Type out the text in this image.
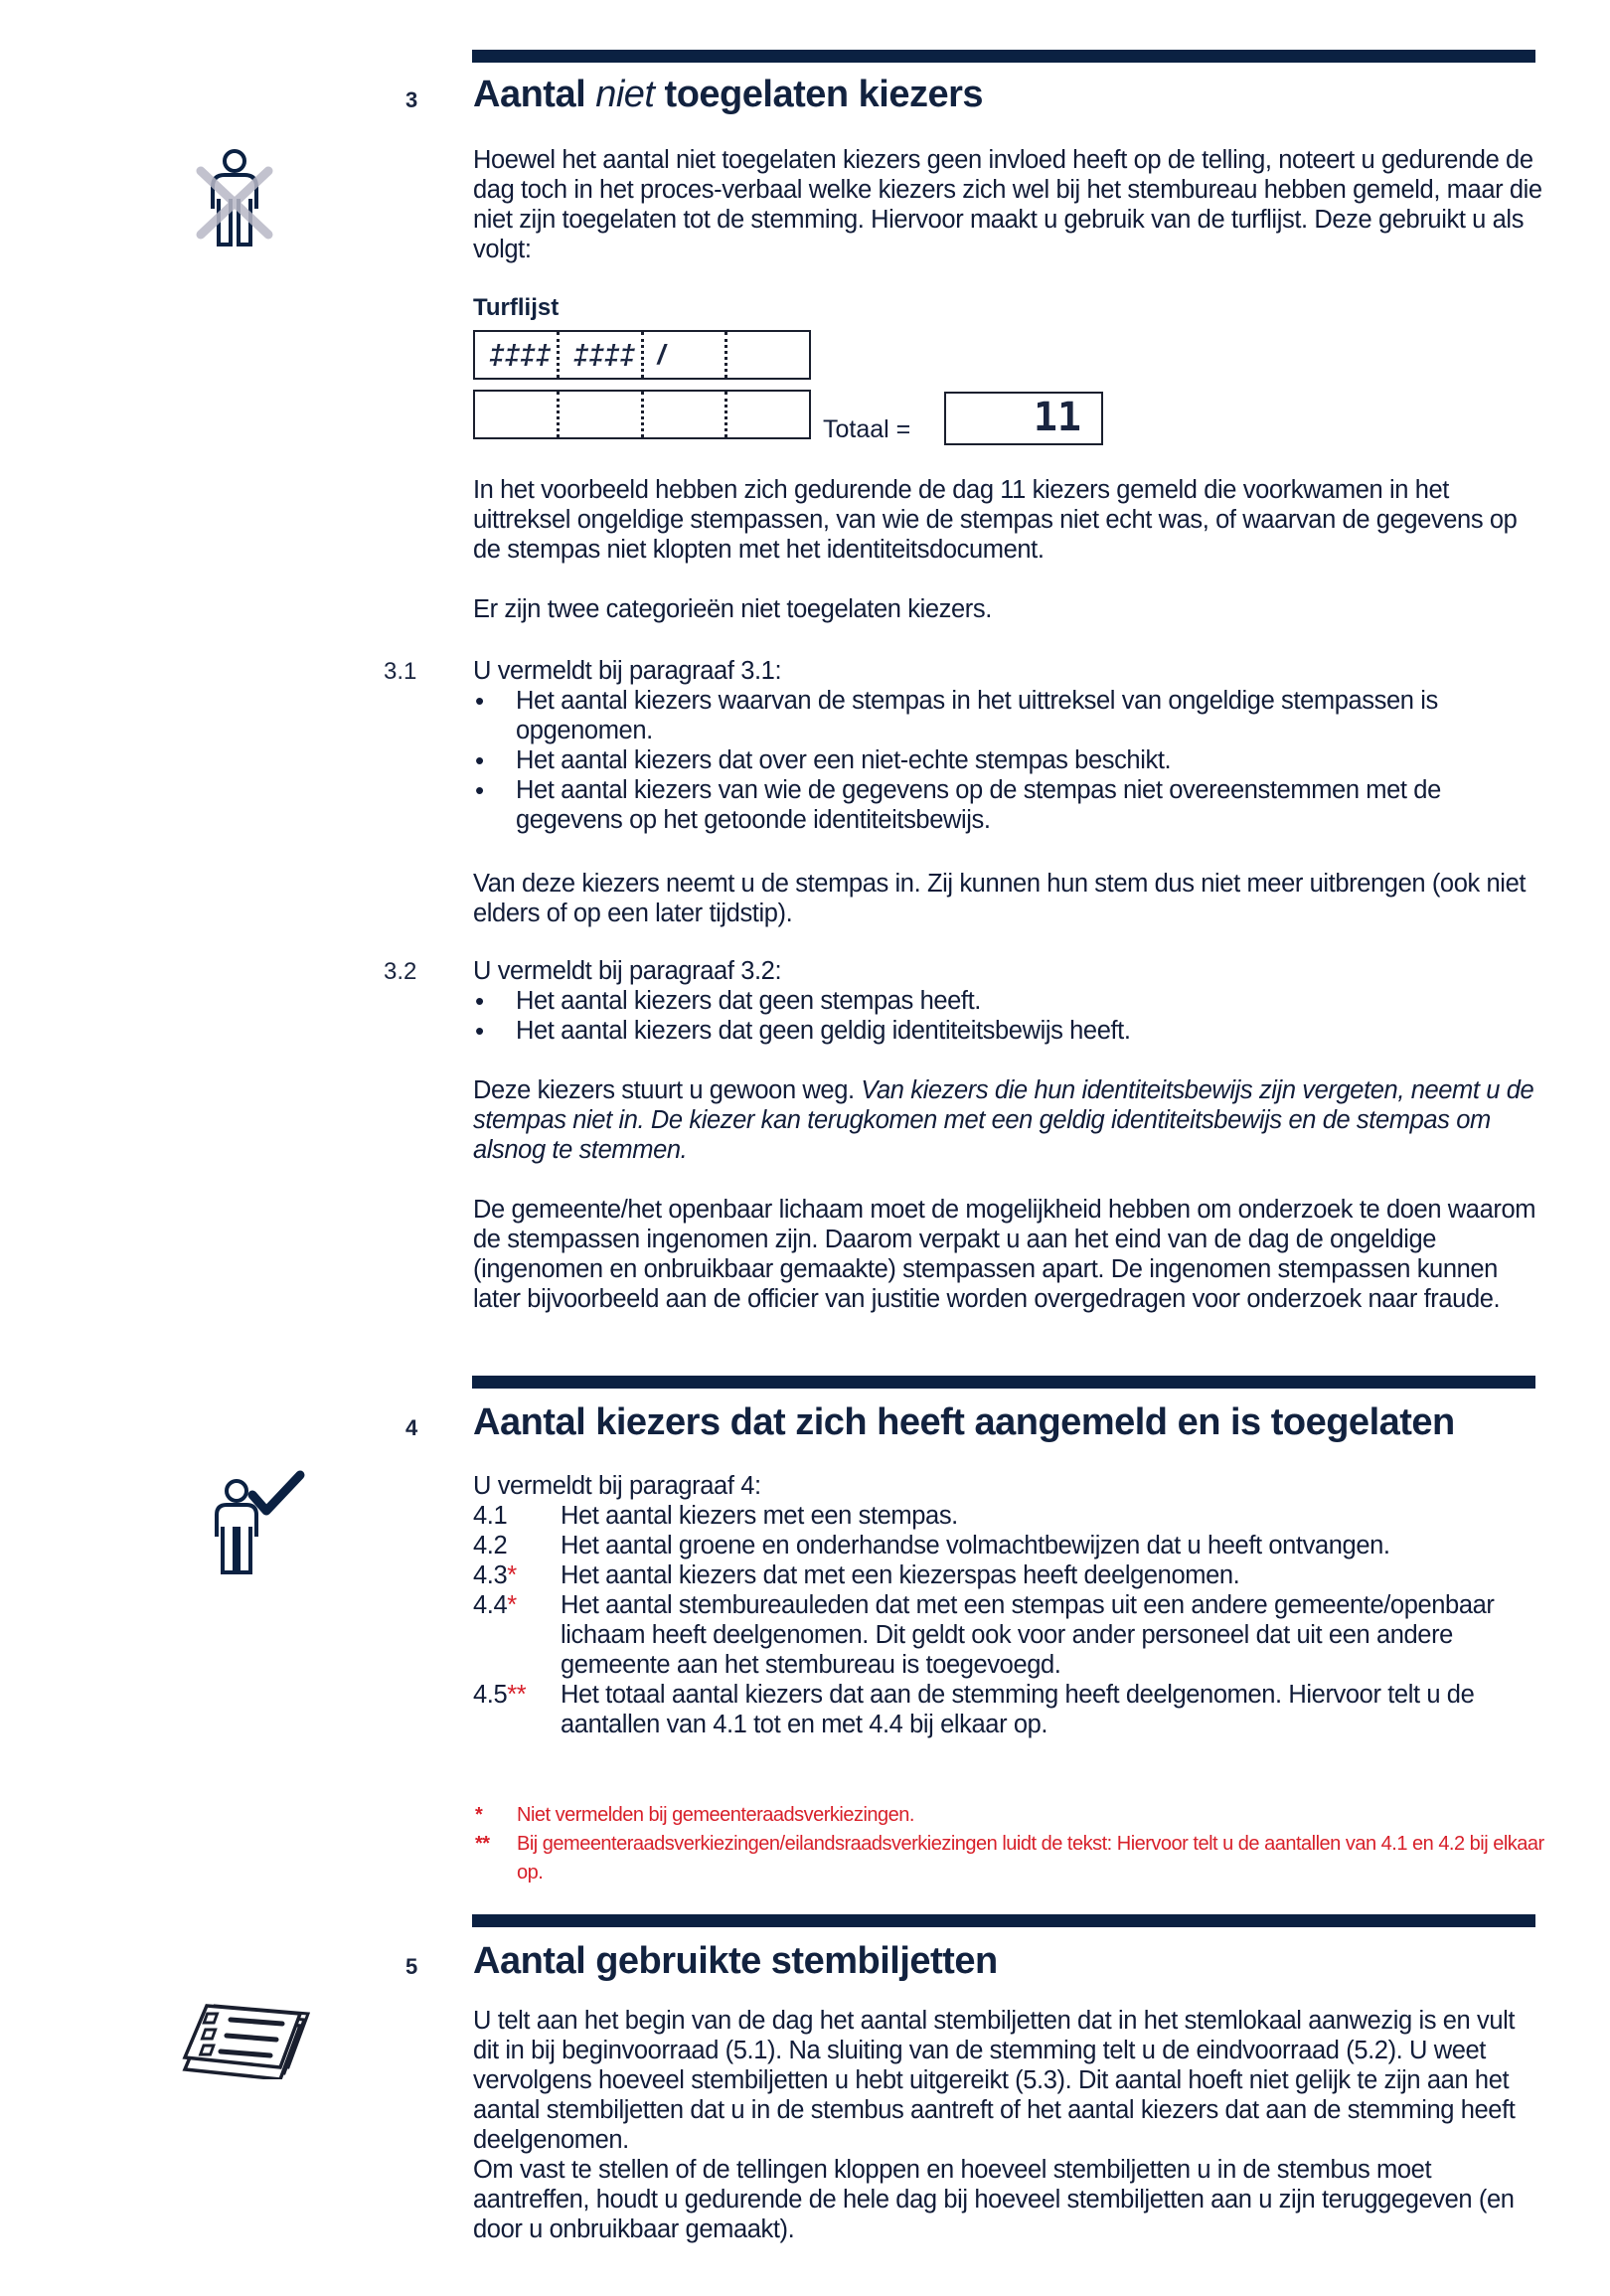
3 Aantal niet toegelaten kiezers
Hoewel het aantal niet toegelaten kiezers geen invloed heeft op de telling, noteert u gedurende de dag toch in het proces-verbaal welke kiezers zich wel bij het stembureau hebben gemeld, maar die niet zijn toegelaten tot de stemming. Hiervoor maakt u gebruik van de turflijst. Deze gebruikt u als volgt:
Turflijst
‡‡‡‡ ‡‡‡‡ /
Totaal =	11
In het voorbeeld hebben zich gedurende de dag 11 kiezers gemeld die voorkwamen in het uittreksel ongeldige stempassen, van wie de stempas niet echt was, of waarvan de gegevens op de stempas niet klopten met het identiteitsdocument.
Er zijn twee categorieën niet toegelaten kiezers.
3.1 U vermeldt bij paragraaf 3.1:

• Het aantal kiezers waarvan de stempas in het uittreksel van ongeldige stempassen is opgenomen.
• Het aantal kiezers dat over een niet-echte stempas beschikt.
• Het aantal kiezers van wie de gegevens op de stempas niet overeenstemmen met de gegevens op het getoonde identiteitsbewijs.
Van deze kiezers neemt u de stempas in. Zij kunnen hun stem dus niet meer uitbrengen (ook niet elders of op een later tijdstip).
3.2 U vermeldt bij paragraaf 3.2:

• Het aantal kiezers dat geen stempas heeft.
• Het aantal kiezers dat geen geldig identiteitsbewijs heeft.
Deze kiezers stuurt u gewoon weg. Van kiezers die hun identiteitsbewijs zijn vergeten, neemt u de stempas niet in. De kiezer kan terugkomen met een geldig identiteitsbewijs en de stempas om alsnog te stemmen.
De gemeente/het openbaar lichaam moet de mogelijkheid hebben om onderzoek te doen waarom de stempassen ingenomen zijn. Daarom verpakt u aan het eind van de dag de ongeldige (ingenomen en onbruikbaar gemaakte) stempassen apart. De ingenomen stempassen kunnen later bijvoorbeeld aan de officier van justitie worden overgedragen voor onderzoek naar fraude.
4 Aantal kiezers dat zich heeft aangemeld en is toegelaten

U vermeldt bij paragraaf 4:

4.1 Het aantal kiezers met een stempas.
4.2 Het aantal groene en onderhandse volmachtbewijzen dat u heeft ontvangen.
4.3* Het aantal kiezers dat met een kiezerspas heeft deelgenomen.
4.4* Het aantal stembureauleden dat met een stempas uit een andere gemeente/openbaar lichaam heeft deelgenomen. Dit geldt ook voor ander personeel dat uit een andere gemeente aan het stembureau is toegevoegd.
4.5** Het totaal aantal kiezers dat aan de stemming heeft deelgenomen. Hiervoor telt u de aantallen van 4.1 tot en met 4.4 bij elkaar op.
* Niet vermelden bij gemeenteraadsverkiezingen.
** Bij gemeenteraadsverkiezingen/eilandsraadsverkiezingen luidt de tekst: Hiervoor telt u de aantallen van 4.1 en 4.2 bij elkaar op.
5 Aantal gebruikte stembiljetten

U telt aan het begin van de dag het aantal stembiljetten dat in het stemlokaal aanwezig is en vult dit in bij beginvoorraad (5.1). Na sluiting van de stemming telt u de eindvoorraad (5.2). U weet vervolgens hoeveel stembiljetten u hebt uitgereikt (5.3). Dit aantal hoeft niet gelijk te zijn aan het aantal stembiljetten dat u in de stembus aantreft of het aantal kiezers dat aan de stemming heeft deelgenomen.

Om vast te stellen of de tellingen kloppen en hoeveel stembiljetten u in de stembus moet aantreffen, houdt u gedurende de hele dag bij hoeveel stembiljetten aan u zijn teruggegeven (en door u onbruikbaar gemaakt).
